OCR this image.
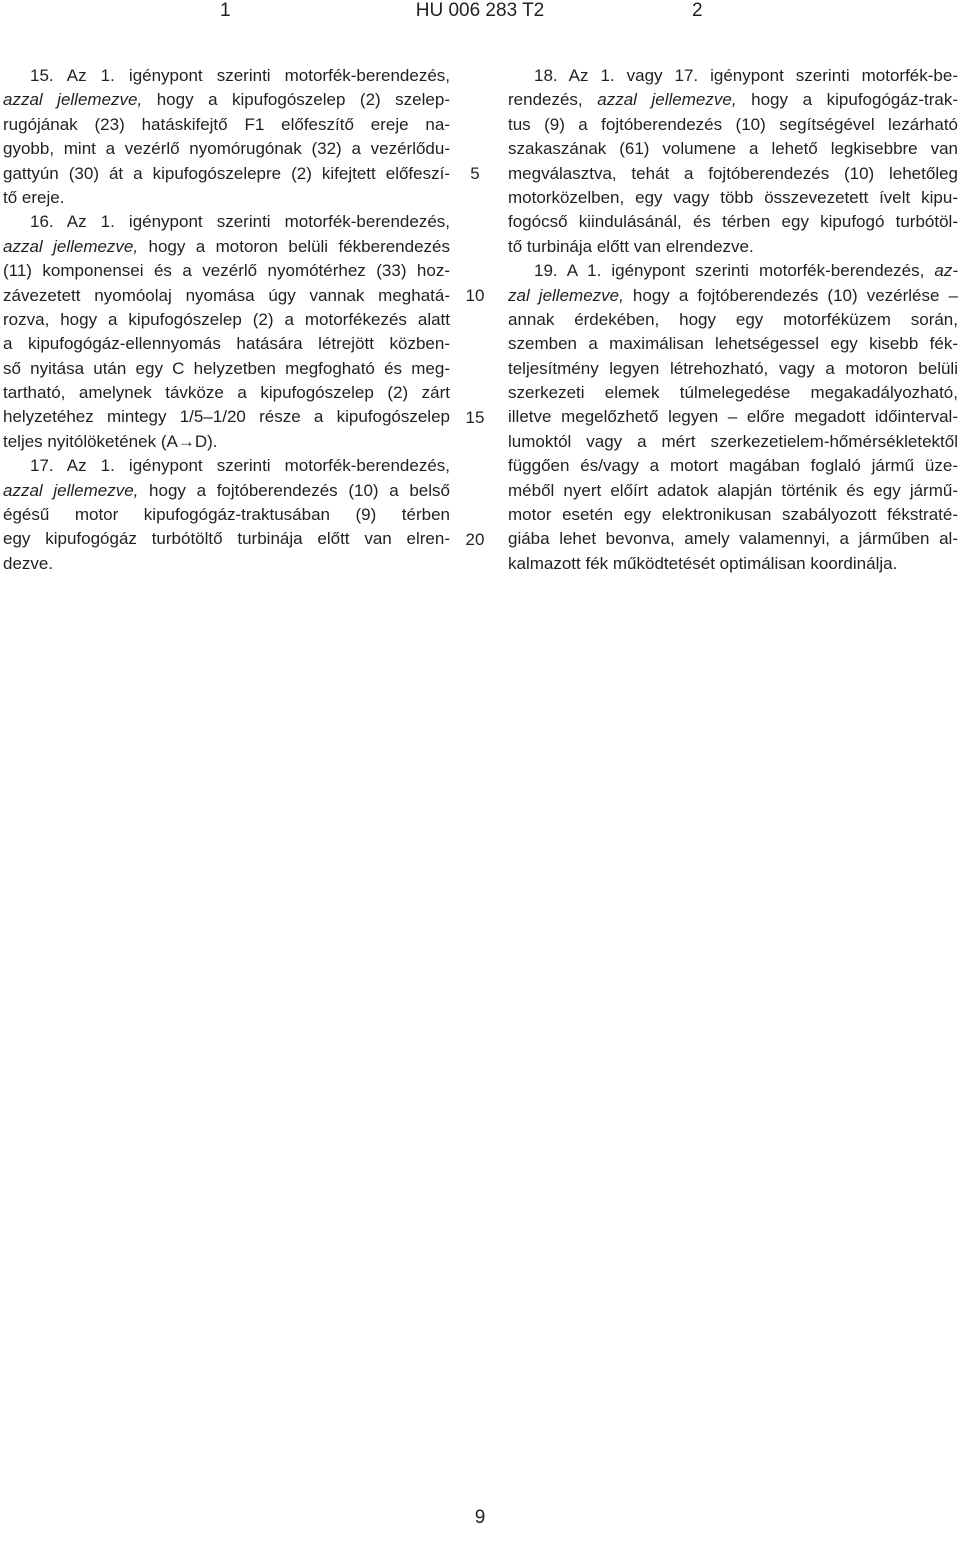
1	HU 006 283 T2	2
15. Az 1. igénypont szerinti motorfék-berendezés,
azzal jellemezve, hogy a kipufogószelep (2) szelep-
rugójának (23) hatáskifejtő F1 előfeszítő ereje na-
gyobb, mint a vezérlő nyomórugónak (32) a vezérlődu-
gattyún (30) át a kipufogószelepre (2) kifejtett előfeszí-
tő ereje.
16. Az 1. igénypont szerinti motorfék-berendezés,
azzal jellemezve, hogy a motoron belüli fékberendezés
(11) komponensei és a vezérlő nyomótérhez (33) hoz-
závezetett nyomóolaj nyomása úgy vannak meghatá-
rozva, hogy a kipufogószelep (2) a motorfékezés alatt
a kipufogógáz-ellennyomás hatására létrejött közben-
ső nyitása után egy C helyzetben megfogható és meg-
tartható, amelynek távköze a kipufogószelep (2) zárt
helyzetéhez mintegy 1/5–1/20 része a kipufogószelep
teljes nyitólöketének (A→D).
17. Az 1. igénypont szerinti motorfék-berendezés,
azzal jellemezve, hogy a fojtóberendezés (10) a belső
égésű motor kipufogógáz-traktusában (9) térben
egy kipufogógáz turbótöltő turbinája előtt van elren-
dezve.
5
10
15
20
18. Az 1. vagy 17. igénypont szerinti motorfék-be-
rendezés, azzal jellemezve, hogy a kipufogógáz-trak-
tus (9) a fojtóberendezés (10) segítségével lezárható
szakaszának (61) volumene a lehető legkisebbre van
megválasztva, tehát a fojtóberendezés (10) lehetőleg
motorközelben, egy vagy több összevezetett ívelt kipu-
fogócső kiindulásánál, és térben egy kipufogó turbótöl-
tő turbinája előtt van elrendezve.
19. A 1. igénypont szerinti motorfék-berendezés, az-
zal jellemezve, hogy a fojtóberendezés (10) vezérlése –
annak érdekében, hogy egy motorféküzem során,
szemben a maximálisan lehetségessel egy kisebb fék-
teljesítmény legyen létrehozható, vagy a motoron belüli
szerkezeti elemek túlmelegedése megakadályozható,
illetve megelőzhető legyen – előre megadott időinterval-
lumoktól vagy a mért szerkezetielem-hőmérsékletektől
függően és/vagy a motort magában foglaló jármű üze-
méből nyert előírt adatok alapján történik és egy jármű-
motor esetén egy elektronikusan szabályozott fékstraté-
giába lehet bevonva, amely valamennyi, a járműben al-
kalmazott fék működtetését optimálisan koordinálja.
9
